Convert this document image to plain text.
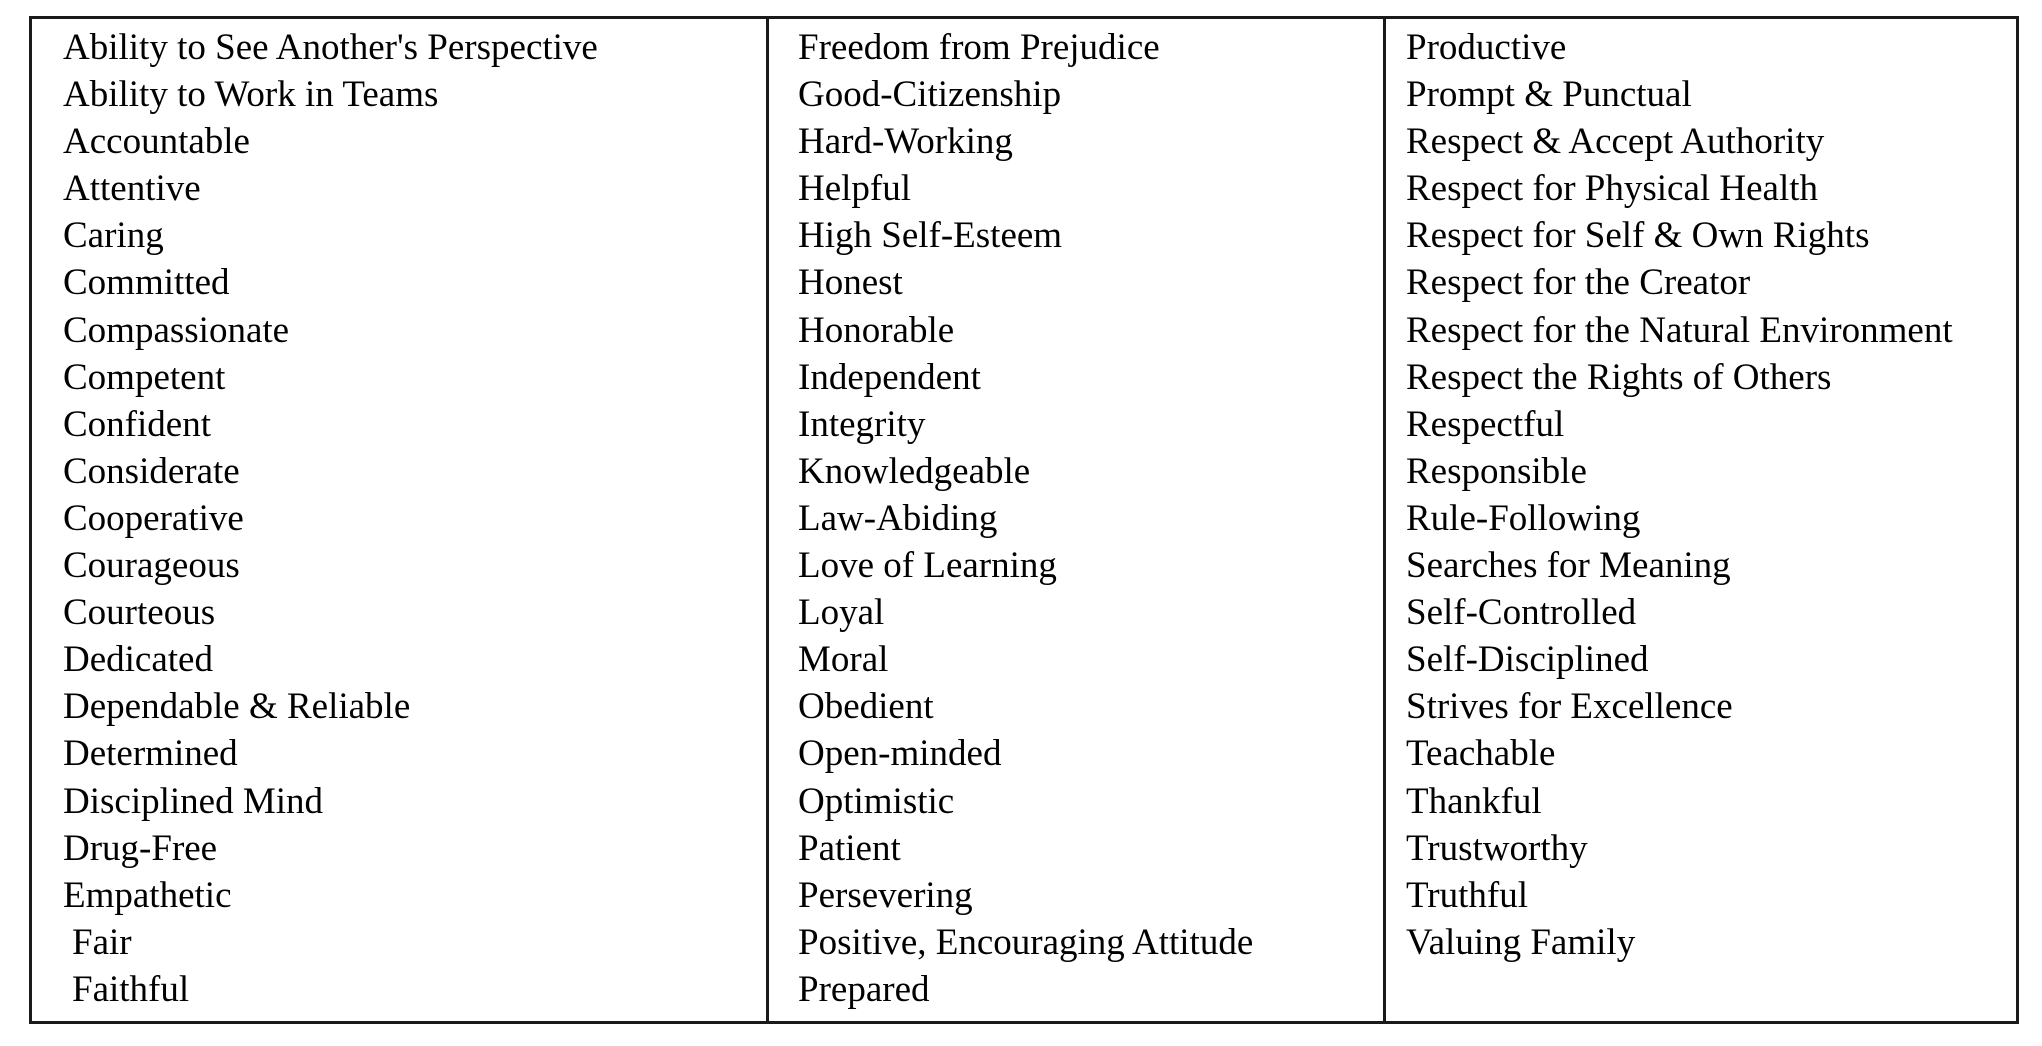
Ability to See Another's Perspective
Ability to Work in Teams
Accountable
Attentive
Caring
Committed
Compassionate
Competent
Confident
Considerate
Cooperative
Courageous
Courteous
Dedicated
Dependable & Reliable
Determined
Disciplined Mind
Drug-Free
Empathetic
Fair
Faithful
Freedom from Prejudice
Good-Citizenship
Hard-Working
Helpful
High Self-Esteem
Honest
Honorable
Independent
Integrity
Knowledgeable
Law-Abiding
Love of Learning
Loyal
Moral
Obedient
Open-minded
Optimistic
Patient
Persevering
Positive, Encouraging Attitude
Prepared
Productive
Prompt & Punctual
Respect & Accept Authority
Respect for Physical Health
Respect for Self & Own Rights
Respect for the Creator
Respect for the Natural Environment
Respect the Rights of Others
Respectful
Responsible
Rule-Following
Searches for Meaning
Self-Controlled
Self-Disciplined
Strives for Excellence
Teachable
Thankful
Trustworthy
Truthful
Valuing Family
